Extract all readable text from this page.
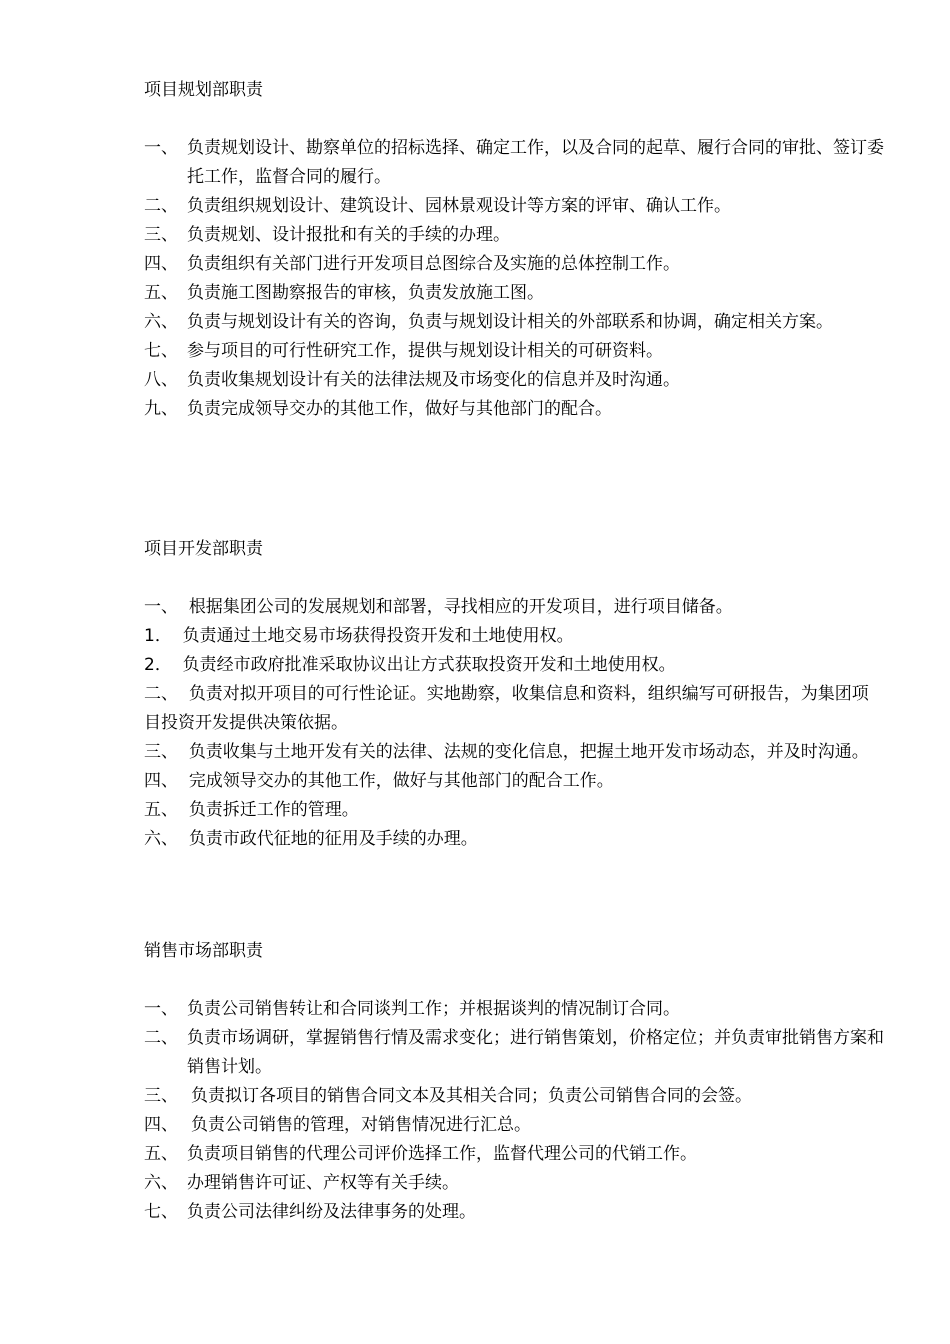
项目规划部职责
一、 负责规划设计、勘察单位的招标选择、确定工作，以及合同的起草、履行合同的审批、签订委托工作，监督合同的履行。
二、 负责组织规划设计、建筑设计、园林景观设计等方案的评审、确认工作。
三、 负责规划、设计报批和有关的手续的办理。
四、 负责组织有关部门进行开发项目总图综合及实施的总体控制工作。
五、 负责施工图勘察报告的审核，负责发放施工图。
六、 负责与规划设计有关的咨询，负责与规划设计相关的外部联系和协调，确定相关方案。
七、 参与项目的可行性研究工作，提供与规划设计相关的可研资料。
八、 负责收集规划设计有关的法律法规及市场变化的信息并及时沟通。
九、 负责完成领导交办的其他工作，做好与其他部门的配合。
项目开发部职责
一、  根据集团公司的发展规划和部署，寻找相应的开发项目，进行项目储备。
1．  负责通过土地交易市场获得投资开发和土地使用权。
2．  负责经市政府批准采取协议出让方式获取投资开发和土地使用权。
二、  负责对拟开项目的可行性论证。实地勘察，收集信息和资料，组织编写可研报告，为集团项目投资开发提供决策依据。
三、  负责收集与土地开发有关的法律、法规的变化信息，把握土地开发市场动态，并及时沟通。
四、  完成领导交办的其他工作，做好与其他部门的配合工作。
五、  负责拆迁工作的管理。
六、  负责市政代征地的征用及手续的办理。
销售市场部职责
一、 负责公司销售转让和合同谈判工作；并根据谈判的情况制订合同。
二、 负责市场调研，掌握销售行情及需求变化；进行销售策划，价格定位；并负责审批销售方案和销售计划。
三、 负责拟订各项目的销售合同文本及其相关合同；负责公司销售合同的会签。
四、 负责公司销售的管理，对销售情况进行汇总。
五、 负责项目销售的代理公司评价选择工作，监督代理公司的代销工作。
六、 办理销售许可证、产权等有关手续。
七、 负责公司法律纠纷及法律事务的处理。
